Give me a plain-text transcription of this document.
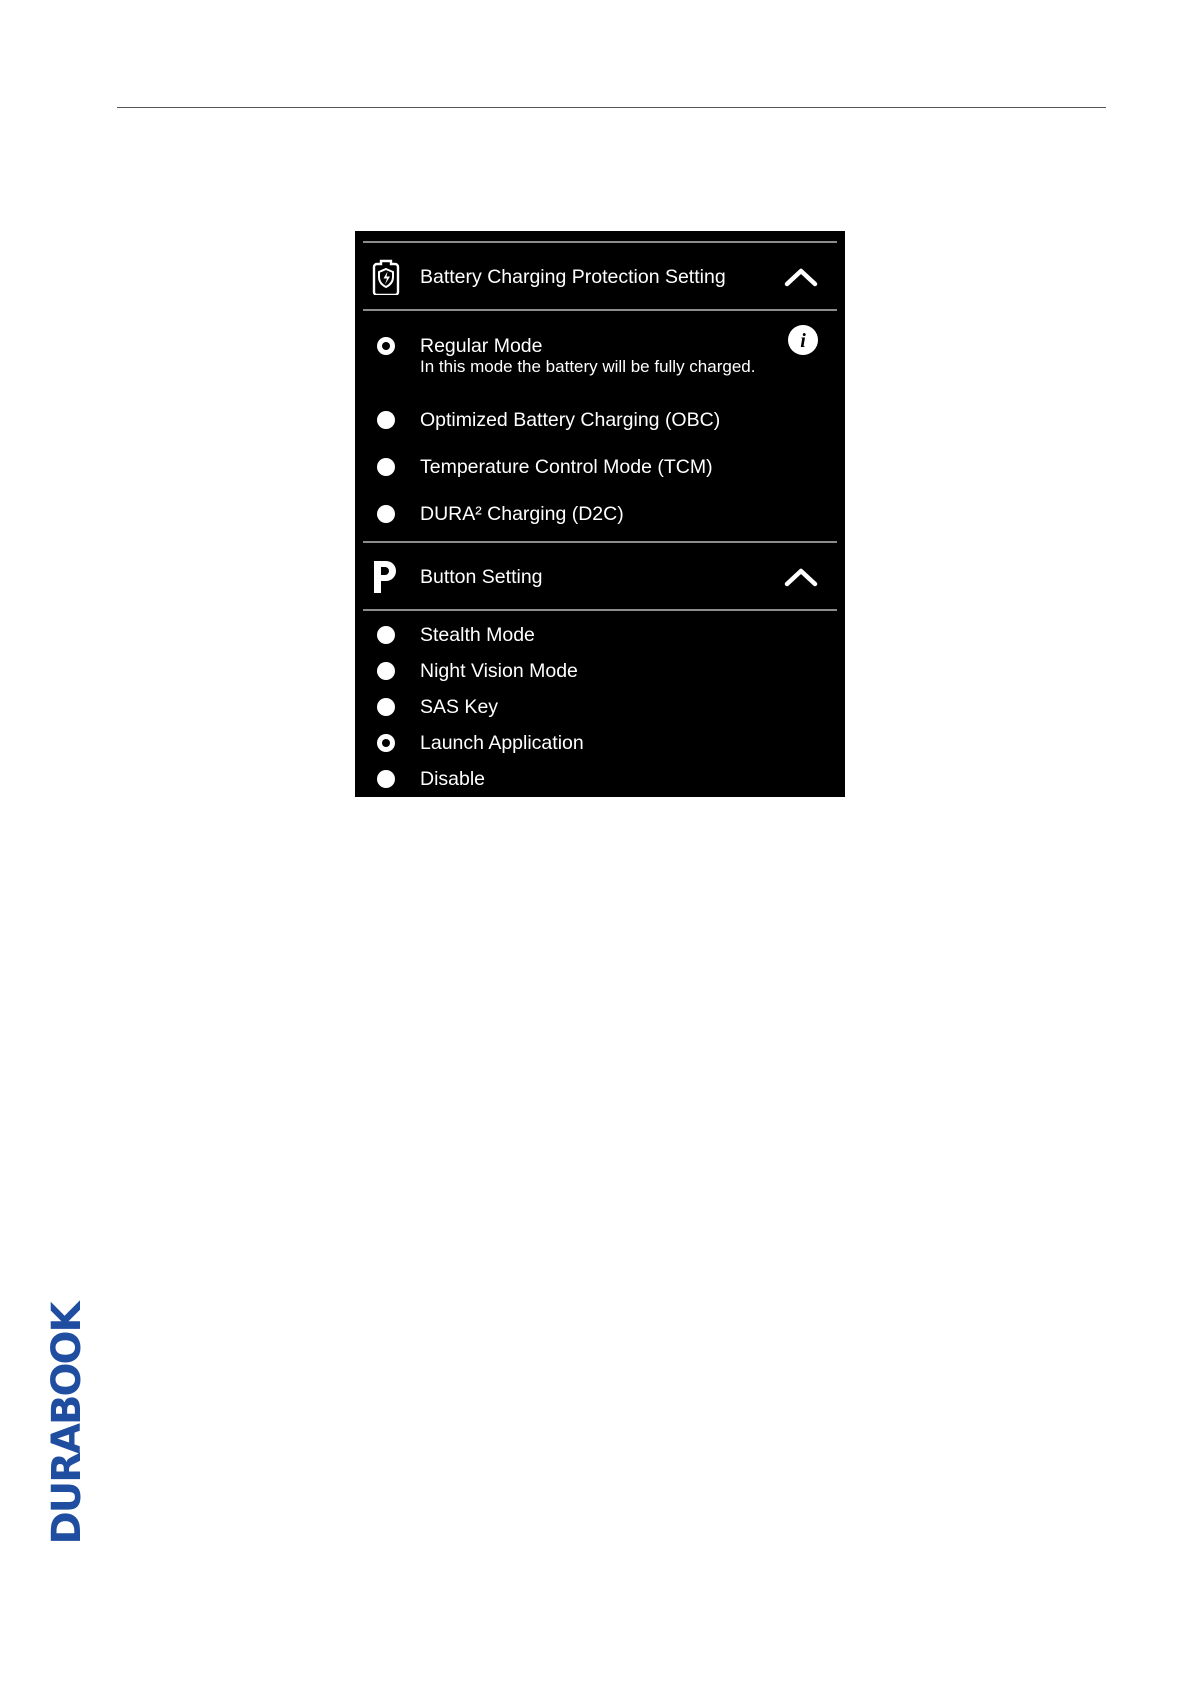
Battery Charging Protection Setting
Regular Mode
In this mode the battery will be fully charged.
i
Optimized Battery Charging (OBC)
Temperature Control Mode (TCM)
DURA² Charging (D2C)
Button Setting
Stealth Mode
Night Vision Mode
SAS Key
Launch Application
Disable
DURABOOK
